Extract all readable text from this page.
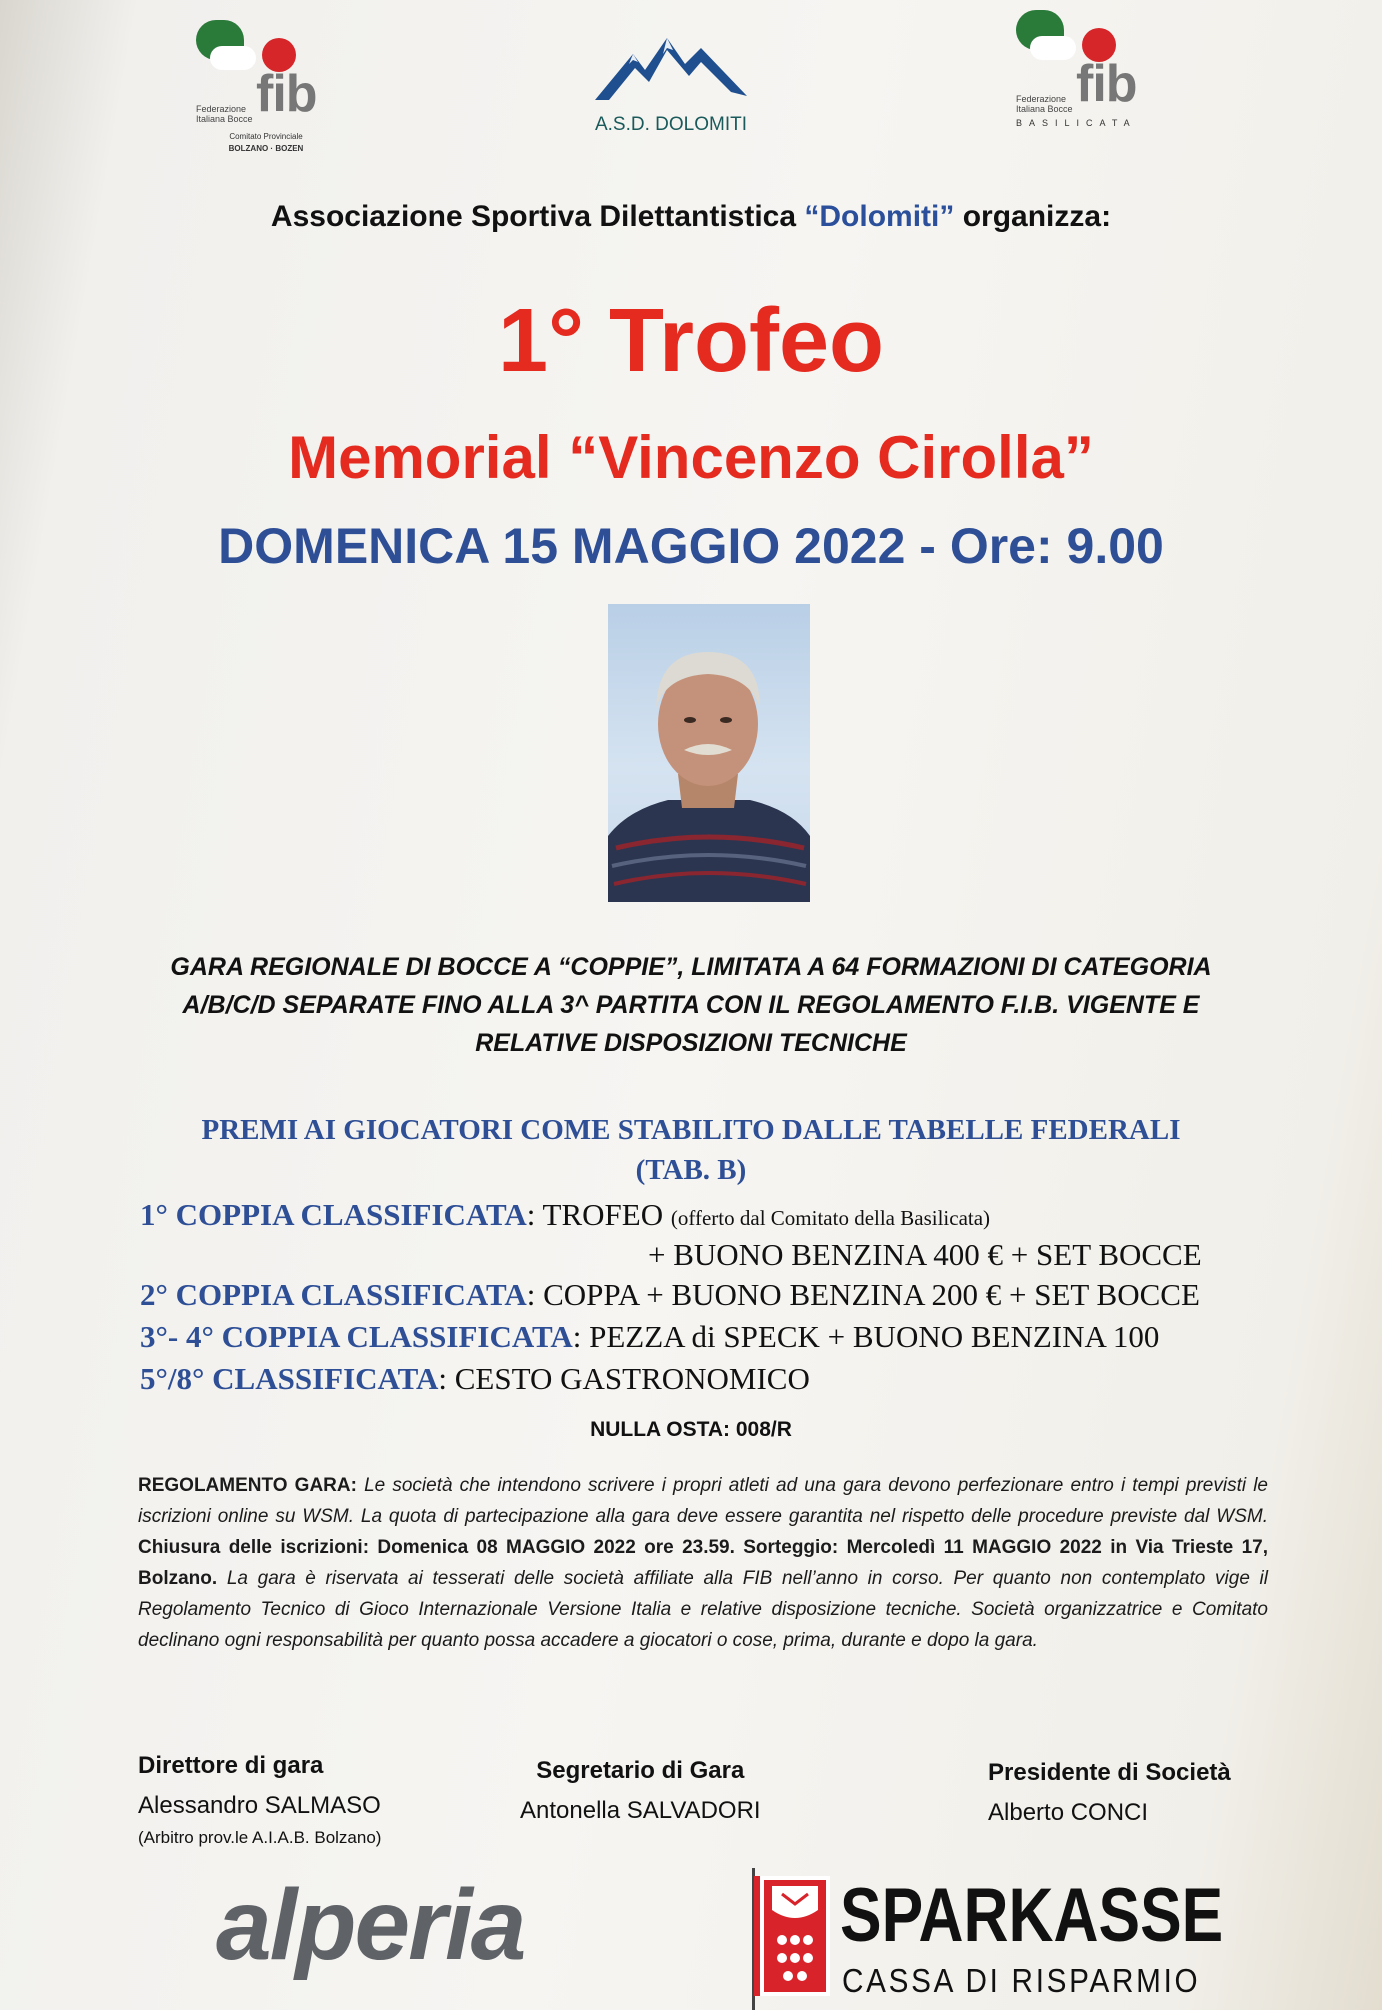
fib
Federazione Italiana Bocce
Comitato Provinciale
BOLZANO · BOZEN
A.S.D. DOLOMITI
fib
Federazione Italiana Bocce
BASILICATA
Associazione Sportiva Dilettantistica “Dolomiti” organizza:
1° Trofeo
Memorial “Vincenzo Cirolla”
DOMENICA 15 MAGGIO 2022 - Ore: 9.00
GARA REGIONALE DI BOCCE A “COPPIE”, LIMITATA A 64 FORMAZIONI DI CATEGORIA
A/B/C/D SEPARATE FINO ALLA 3^ PARTITA CON IL REGOLAMENTO F.I.B. VIGENTE E
RELATIVE DISPOSIZIONI TECNICHE
PREMI AI GIOCATORI COME STABILITO DALLE TABELLE FEDERALI
(TAB. B)
1° COPPIA CLASSIFICATA: TROFEO (offerto dal Comitato della Basilicata)
+ BUONO BENZINA 400 € + SET BOCCE
2° COPPIA CLASSIFICATA: COPPA + BUONO BENZINA 200 € + SET BOCCE
3°- 4° COPPIA CLASSIFICATA: PEZZA di SPECK + BUONO BENZINA 100
5°/8° CLASSIFICATA: CESTO GASTRONOMICO
NULLA OSTA: 008/R
REGOLAMENTO GARA: Le società che intendono scrivere i propri atleti ad una gara devono perfezionare entro i tempi previsti le iscrizioni online su WSM. La quota di partecipazione alla gara deve essere garantita nel rispetto delle procedure previste dal WSM. Chiusura delle iscrizioni: Domenica 08 MAGGIO 2022 ore 23.59. Sorteggio: Mercoledì 11 MAGGIO 2022 in Via Trieste 17, Bolzano. La gara è riservata ai tesserati delle società affiliate alla FIB nell’anno in corso. Per quanto non contemplato vige il Regolamento Tecnico di Gioco Internazionale Versione Italia e relative disposizione tecniche. Società organizzatrice e Comitato declinano ogni responsabilità per quanto possa accadere a giocatori o cose, prima, durante e dopo la gara.
Direttore di gara
Alessandro SALMASO
(Arbitro prov.le A.I.A.B. Bolzano)
Segretario di Gara
Antonella SALVADORI
Presidente di Società
Alberto CONCI
alperia	SPARKASSE
CASSA DI RISPARMIO
